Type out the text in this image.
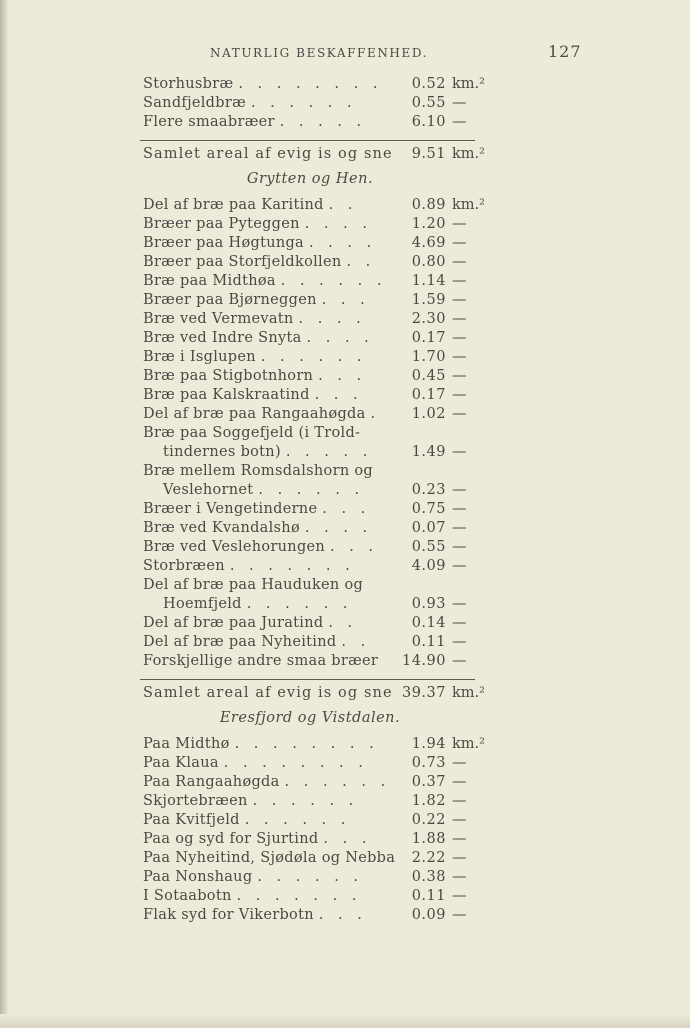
NATURLIG BESKAFFENHED.	127
Storhusbræ . . . . . . . . 0.52 km.²
Sandfjeldbræ . . . . . .	0.55 —
Flere smaabræer . . . . .	6.10 —
Samlet areal af evig is og sne 9.51 km.²
Grytten og Hen.
Del af bræ paa Karitind . .	0.89 km.²
Bræer paa Pyteggen . . . .	1.20 —
Bræer paa Høgtunga . . . . 4.69 —
Bræer paa Storfjeldkollen . .	0.80 —
Bræ paa Midthøa . . . . . . 1.14 —
Bræer paa Bjørneggen . . .	1.59 —
Bræ ved Vermevatn . . . .	2.30 —
Bræ ved Indre Snyta . . . .	0.17 —
Bræ i Isglupen . . . . . .	1.70 —
Bræ paa Stigbotnhorn . . .	0.45 —
Bræ paa Kalskraatind . . .	0.17 —
Del af bræ paa Rangaahøgda . 1.02 —
Bræ paa Soggefjeld (i Trold-
tindernes botn) . . . . .	1.49 —
Bræ mellem Romsdalshorn og
Veslehornet . . . . . .	0.23 —
Bræer i Vengetinderne . . .	0.75 —
Bræ ved Kvandalshø . . . .	0.07 —
Bræ ved Veslehorungen . . . 0.55 —
Storbræen . . . . . . .	4.09 —
Del af bræ paa Hauduken og
Hoemfjeld . . . . . .	0.93 —
Del af bræ paa Juratind . .	0.14 —
Del af bræ paa Nyheitind . .	0.11 —
Forskjellige andre smaa bræer 14.90 —
Samlet areal af evig is og sne 39.37 km.²
Eresfjord og Vistdalen.
Paa Midthø . . . . . . . . 1.94 km.²
Paa Klaua . . . . . . . .	0.73 —
Paa Rangaahøgda . . . . . . 0.37 —
Skjortebræen . . . . . .	1.82 —
Paa Kvitfjeld . . . . . .	0.22 —
Paa og syd for Sjurtind . . .	1.88 —
Paa Nyheitind, Sjødøla og Nebba 2.22 —
Paa Nonshaug . . . . . .	0.38 —
I Sotaabotn . . . . . . .	0.11 —
Flak syd for Vikerbotn . . .	0.09 —
